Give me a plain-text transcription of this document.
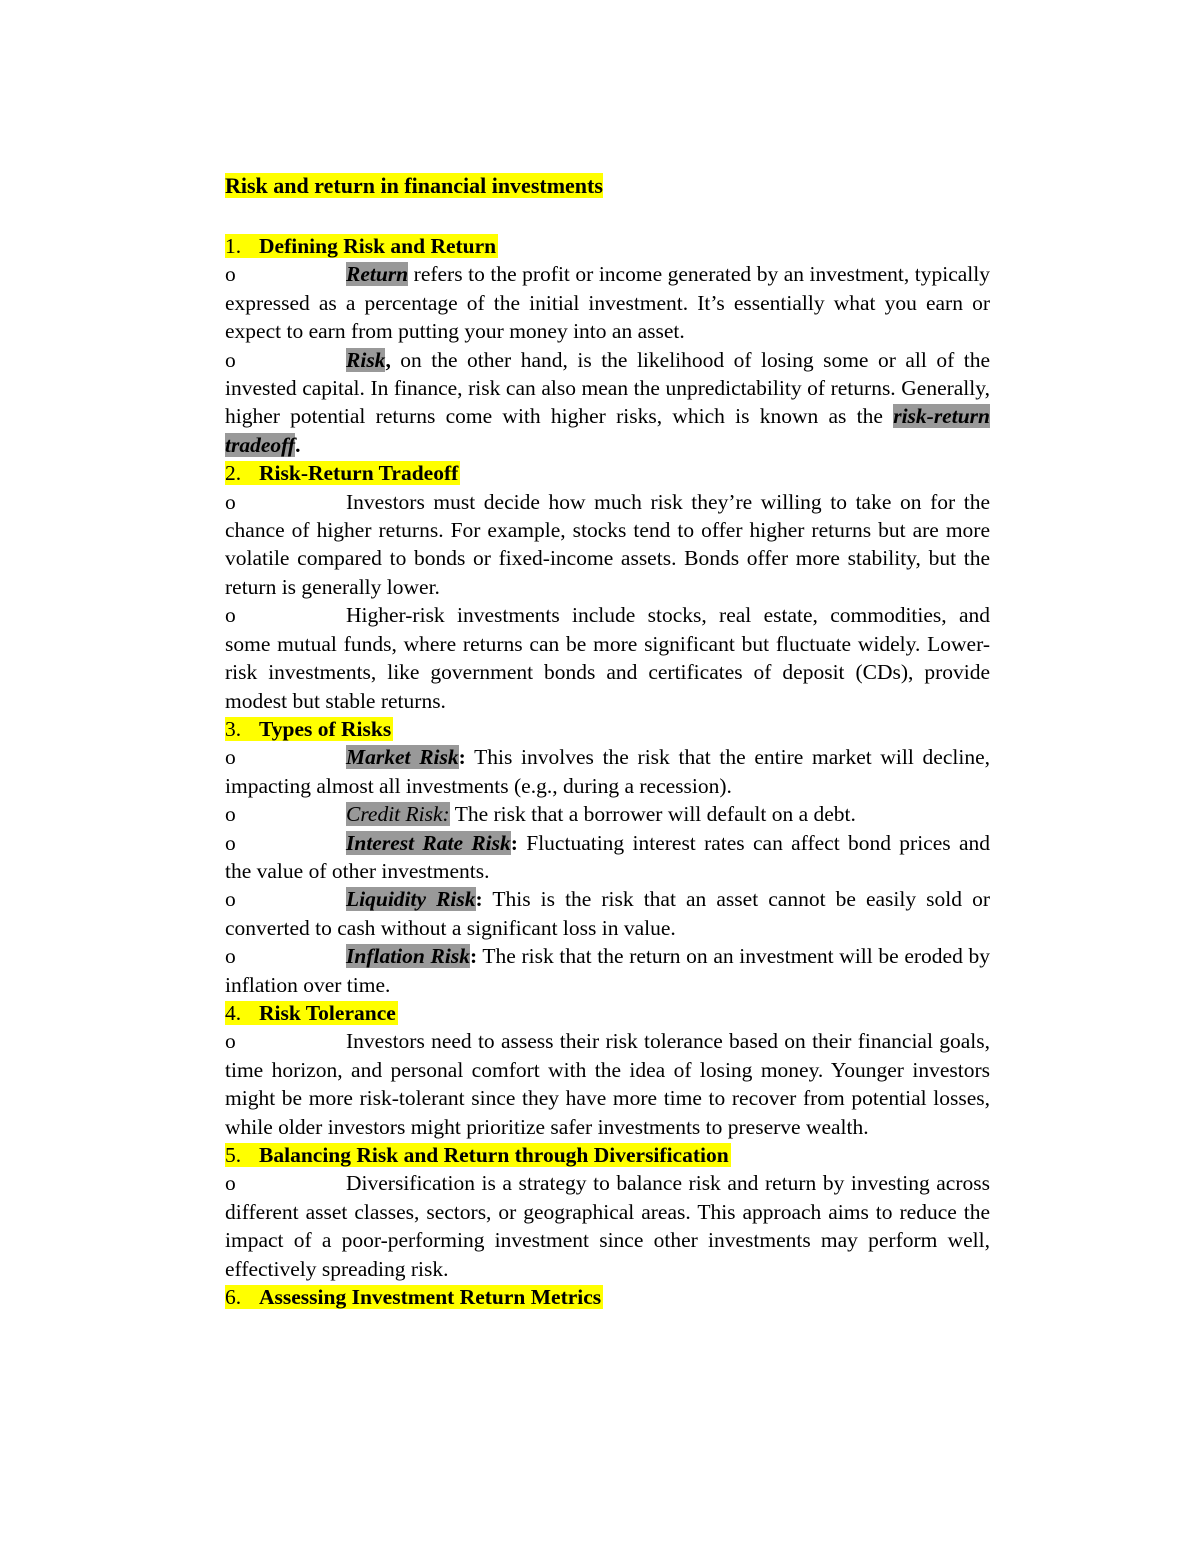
Risk and return in financial investments

1. Defining Risk and Return

o	Return refers to the profit or income generated by an investment, typically expressed as a percentage of the initial investment. It’s essentially what you earn or expect to earn from putting your money into an asset.

o	Risk, on the other hand, is the likelihood of losing some or all of the invested capital. In finance, risk can also mean the unpredictability of returns. Generally, higher potential returns come with higher risks, which is known as the risk-return tradeoff.

2. Risk-Return Tradeoff

o	Investors must decide how much risk they’re willing to take on for the chance of higher returns. For example, stocks tend to offer higher returns but are more volatile compared to bonds or fixed-income assets. Bonds offer more stability, but the return is generally lower.

o	Higher-risk investments include stocks, real estate, commodities, and some mutual funds, where returns can be more significant but fluctuate widely. Lower-risk investments, like government bonds and certificates of deposit (CDs), provide modest but stable returns.

3. Types of Risks

o	Market Risk: This involves the risk that the entire market will decline, impacting almost all investments (e.g., during a recession).

o	Credit Risk: The risk that a borrower will default on a debt.

o	Interest Rate Risk: Fluctuating interest rates can affect bond prices and the value of other investments.

o	Liquidity Risk: This is the risk that an asset cannot be easily sold or converted to cash without a significant loss in value.

o	Inflation Risk: The risk that the return on an investment will be eroded by inflation over time.

4. Risk Tolerance

o	Investors need to assess their risk tolerance based on their financial goals, time horizon, and personal comfort with the idea of losing money. Younger investors might be more risk-tolerant since they have more time to recover from potential losses, while older investors might prioritize safer investments to preserve wealth.

5. Balancing Risk and Return through Diversification

o	Diversification is a strategy to balance risk and return by investing across different asset classes, sectors, or geographical areas. This approach aims to reduce the impact of a poor-performing investment since other investments may perform well, effectively spreading risk.

6. Assessing Investment Return Metrics
